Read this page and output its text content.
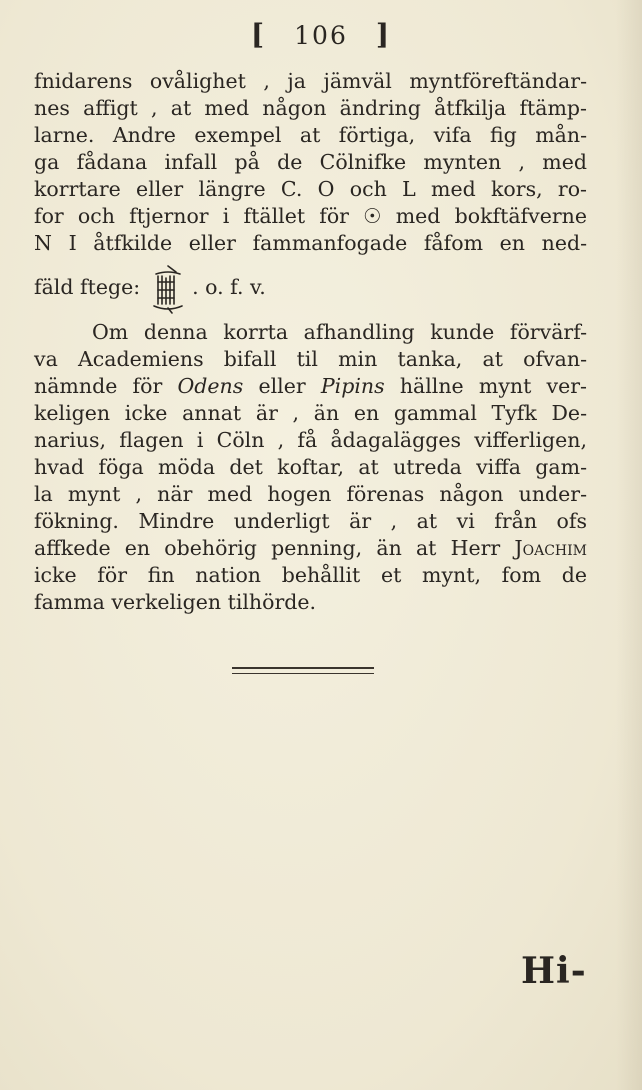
[ 106 ]
fnidarens ovålighet , ja jämväl myntföreftändar-
nes affigt , at med någon ändring åtfkilja ftämp-
larne. Andre exempel at förtiga, vifa fig mån-
ga fådana infall på de Cölnifke mynten , med
korrtare eller längre C. O och L med kors, ro-
for och ftjernor i ftället för ☉ med bokftäfverne
N I åtfkilde eller fammanfogade fåfom en ned-
fäld ftege:	. o. f. v.
Om denna korrta afhandling kunde förvärf-
va Academiens bifall til min tanka, at ofvan-
nämnde för Odens eller Pipins hällne mynt ver-
keligen icke annat är , än en gammal Tyfk De-
narius, flagen i Cöln , få ådagalägges vifferligen,
hvad föga möda det koftar, at utreda viffa gam-
la mynt , när med hogen förenas någon under-
fökning. Mindre underligt är , at vi från ofs
affkede en obehörig penning, än at Herr Joachim
icke för fin nation behållit et mynt, fom de
famma verkeligen tilhörde.
Hi-
